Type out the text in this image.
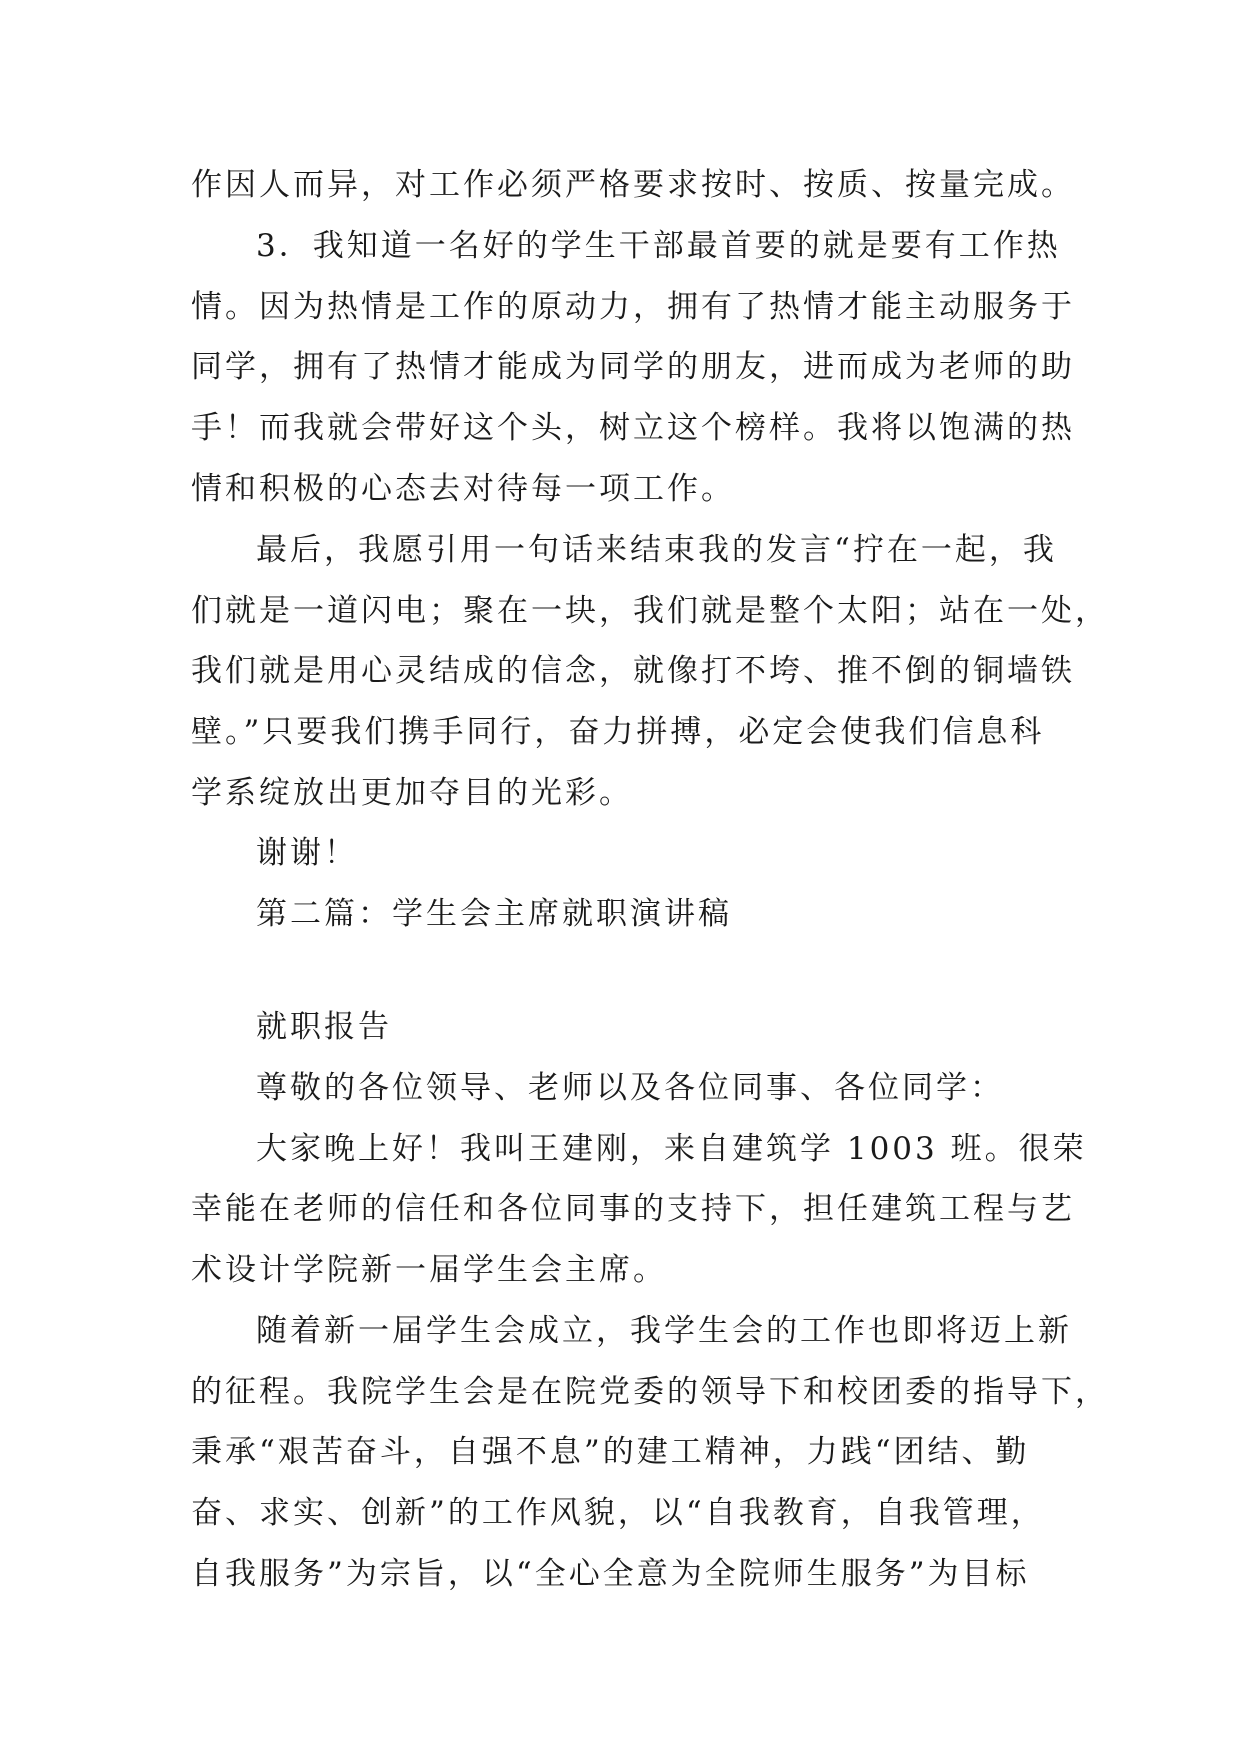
作因人而异，对工作必须严格要求按时、按质、按量完成。
3．我知道一名好的学生干部最首要的就是要有工作热
情。因为热情是工作的原动力，拥有了热情才能主动服务于
同学，拥有了热情才能成为同学的朋友，进而成为老师的助
手！而我就会带好这个头，树立这个榜样。我将以饱满的热
情和积极的心态去对待每一项工作。
最后，我愿引用一句话来结束我的发言“拧在一起，我
们就是一道闪电；聚在一块，我们就是整个太阳；站在一处，
我们就是用心灵结成的信念，就像打不垮、推不倒的铜墙铁
壁。”只要我们携手同行，奋力拼搏，必定会使我们信息科
学系绽放出更加夺目的光彩。
谢谢！
第二篇：学生会主席就职演讲稿
就职报告
尊敬的各位领导、老师以及各位同事、各位同学：
大家晚上好！我叫王建刚，来自建筑学 1003 班。很荣
幸能在老师的信任和各位同事的支持下，担任建筑工程与艺
术设计学院新一届学生会主席。
随着新一届学生会成立，我学生会的工作也即将迈上新
的征程。我院学生会是在院党委的领导下和校团委的指导下，
秉承“艰苦奋斗，自强不息”的建工精神，力践“团结、勤
奋、求实、创新”的工作风貌，以“自我教育，自我管理，
自我服务”为宗旨，以“全心全意为全院师生服务”为目标
